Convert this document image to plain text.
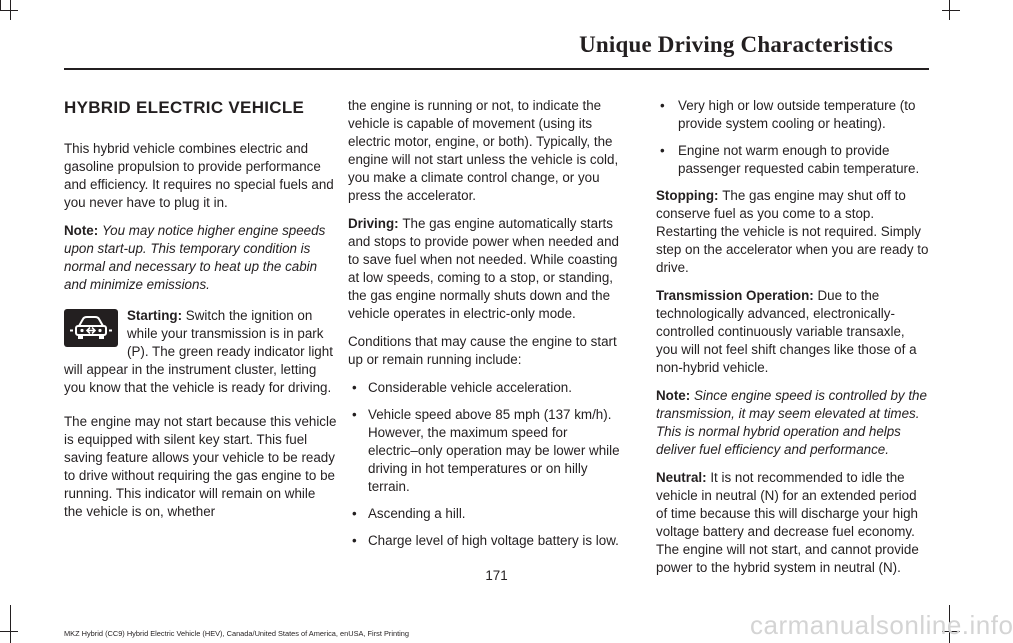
Unique Driving Characteristics
HYBRID ELECTRIC VEHICLE

This hybrid vehicle combines electric and gasoline propulsion to provide performance and efficiency. It requires no special fuels and you never have to plug it in.

Note: You may notice higher engine speeds upon start-up. This temporary condition is normal and necessary to heat up the cabin and minimize emissions.

Starting: Switch the ignition on while your transmission is in park (P). The green ready indicator light will appear in the instrument cluster, letting you know that the vehicle is ready for driving.

The engine may not start because this vehicle is equipped with silent key start. This fuel saving feature allows your vehicle to be ready to drive without requiring the gas engine to be running. This indicator will remain on while the vehicle is on, whether

the engine is running or not, to indicate the vehicle is capable of movement (using its electric motor, engine, or both). Typically, the engine will not start unless the vehicle is cold, you make a climate control change, or you press the accelerator.

Driving: The gas engine automatically starts and stops to provide power when needed and to save fuel when not needed. While coasting at low speeds, coming to a stop, or standing, the gas engine normally shuts down and the vehicle operates in electric-only mode.

Conditions that may cause the engine to start up or remain running include:

• Considerable vehicle acceleration.
• Vehicle speed above 85 mph (137 km/h). However, the maximum speed for electric–only operation may be lower while driving in hot temperatures or on hilly terrain.
• Ascending a hill.
• Charge level of high voltage battery is low.
• Very high or low outside temperature (to provide system cooling or heating).
• Engine not warm enough to provide passenger requested cabin temperature.

Stopping: The gas engine may shut off to conserve fuel as you come to a stop. Restarting the vehicle is not required. Simply step on the accelerator when you are ready to drive.

Transmission Operation: Due to the technologically advanced, electronically-controlled continuously variable transaxle, you will not feel shift changes like those of a non-hybrid vehicle.

Note: Since engine speed is controlled by the transmission, it may seem elevated at times. This is normal hybrid operation and helps deliver fuel efficiency and performance.

Neutral: It is not recommended to idle the vehicle in neutral (N) for an extended period of time because this will discharge your high voltage battery and decrease fuel economy. The engine will not start, and cannot provide power to the hybrid system in neutral (N).

171
MKZ Hybrid (CC9) Hybrid Electric Vehicle (HEV), Canada/United States of America, enUSA, First Printing	carmanualsonline.info
